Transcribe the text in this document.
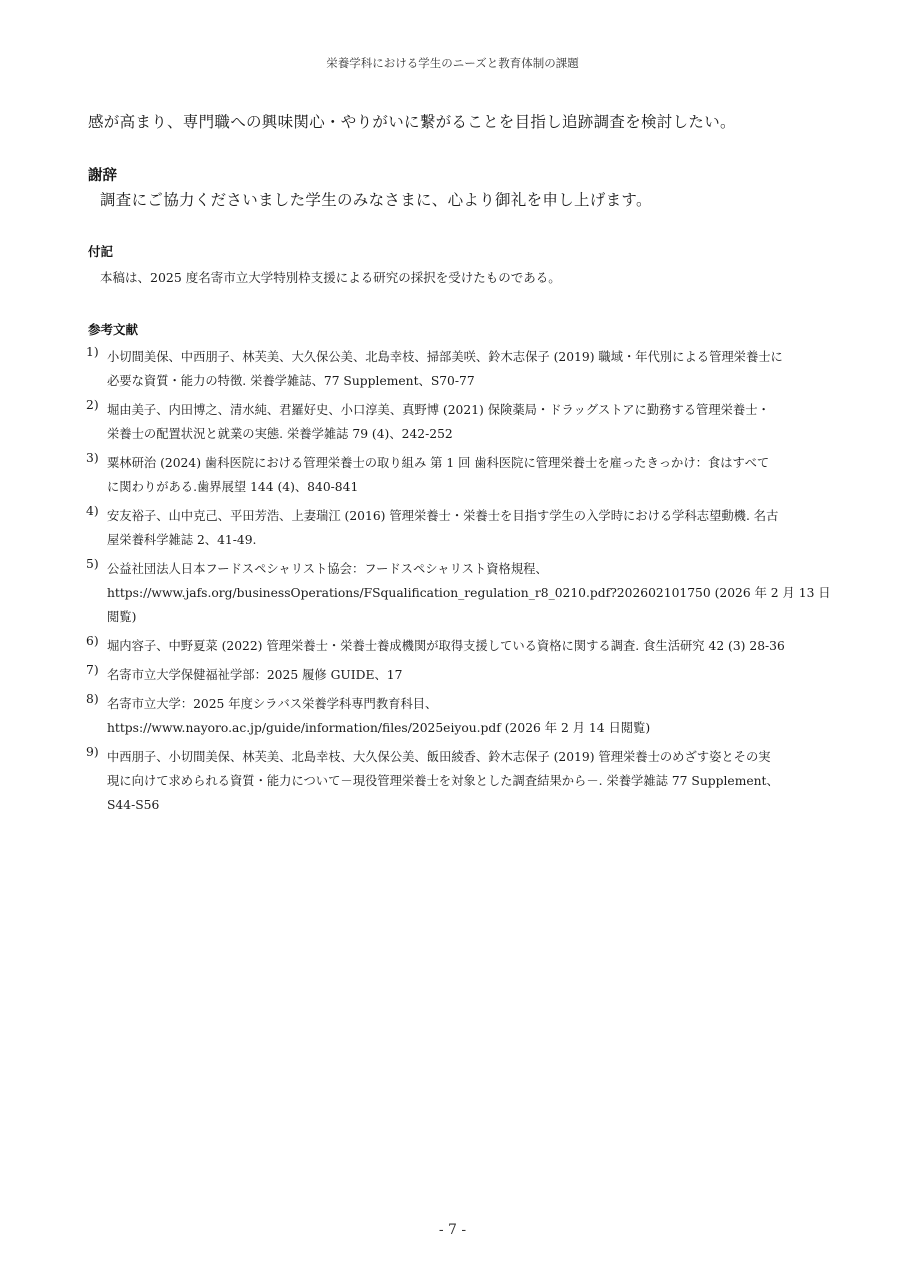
栄養学科における学生のニーズと教育体制の課題
感が高まり、専門職への興味関心・やりがいに繋がることを目指し追跡調査を検討したい。
謝辞
調査にご協力くださいました学生のみなさまに、心より御礼を申し上げます。
付記
本稿は、2025 度名寄市立大学特別枠支援による研究の採択を受けたものである。
参考文献
1) 小切間美保、中西朋子、林芙美、大久保公美、北島幸枝、掃部美咲、鈴木志保子 (2019) 職域・年代別による管理栄養士に
必要な資質・能力の特徴. 栄養学雑誌、77 Supplement、S70-77
2) 堀由美子、内田博之、清水純、君羅好史、小口淳美、真野博 (2021) 保険薬局・ドラッグストアに勤務する管理栄養士・
栄養士の配置状況と就業の実態. 栄養学雑誌 79 (4)、242-252
3) 粟林研治 (2024) 歯科医院における管理栄養士の取り組み 第 1 回 歯科医院に管理栄養士を雇ったきっかけ：食はすべて
に関わりがある.歯界展望 144 (4)、840-841
4) 安友裕子、山中克己、平田芳浩、上妻瑞江 (2016) 管理栄養士・栄養士を目指す学生の入学時における学科志望動機. 名古
屋栄養科学雑誌 2、41-49.
5) 公益社団法人日本フードスペシャリスト協会：フードスペシャリスト資格規程、
https://www.jafs.org/businessOperations/FSqualification_regulation_r8_0210.pdf?202602101750 (2026 年 2 月 13 日
閲覧)
6) 堀内容子、中野夏菜 (2022) 管理栄養士・栄養士養成機関が取得支援している資格に関する調査. 食生活研究 42 (3) 28-36
7) 名寄市立大学保健福祉学部：2025 履修 GUIDE、17
8) 名寄市立大学：2025 年度シラバス栄養学科専門教育科目、
https://www.nayoro.ac.jp/guide/information/files/2025eiyou.pdf (2026 年 2 月 14 日閲覧)
9) 中西朋子、小切間美保、林芙美、北島幸枝、大久保公美、飯田綾香、鈴木志保子 (2019) 管理栄養士のめざす姿とその実
現に向けて求められる資質・能力について－現役管理栄養士を対象とした調査結果から－. 栄養学雑誌 77 Supplement、
S44-S56
- 7 -
